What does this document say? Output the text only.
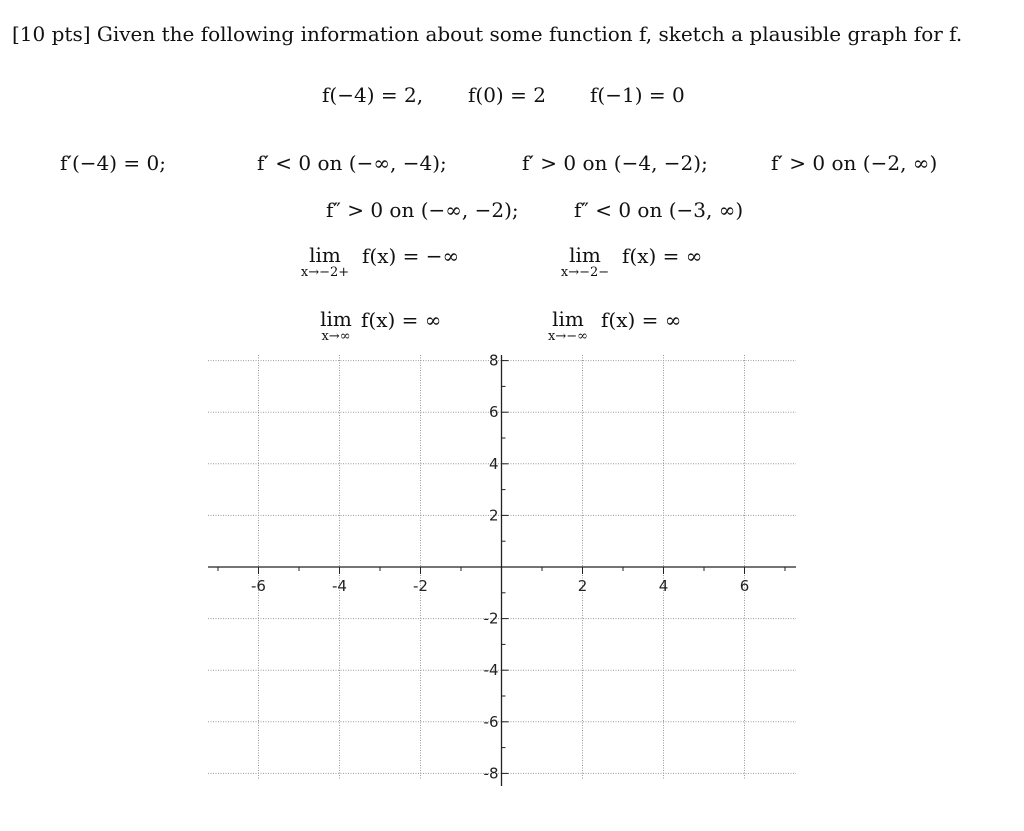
[10 pts] Given the following information about some function f, sketch a plausible graph for f.
f(−4) = 2, f(0) = 2 f(−1) = 0
f′(−4) = 0;	f′ < 0 on (−∞, −4);	f′ > 0 on (−4, −2);	f′ > 0 on (−2, ∞)
f″ > 0 on (−∞, −2);	f″ < 0 on (−3, ∞)
lim
x→−2+
f(x) = −∞	lim
x→−2−
f(x) = ∞
lim
x→∞
f(x) = ∞	lim
x→−∞
f(x) = ∞
-6	-4	-2	2	4	6
8
6
4
2
-2
-4
-6
-8
